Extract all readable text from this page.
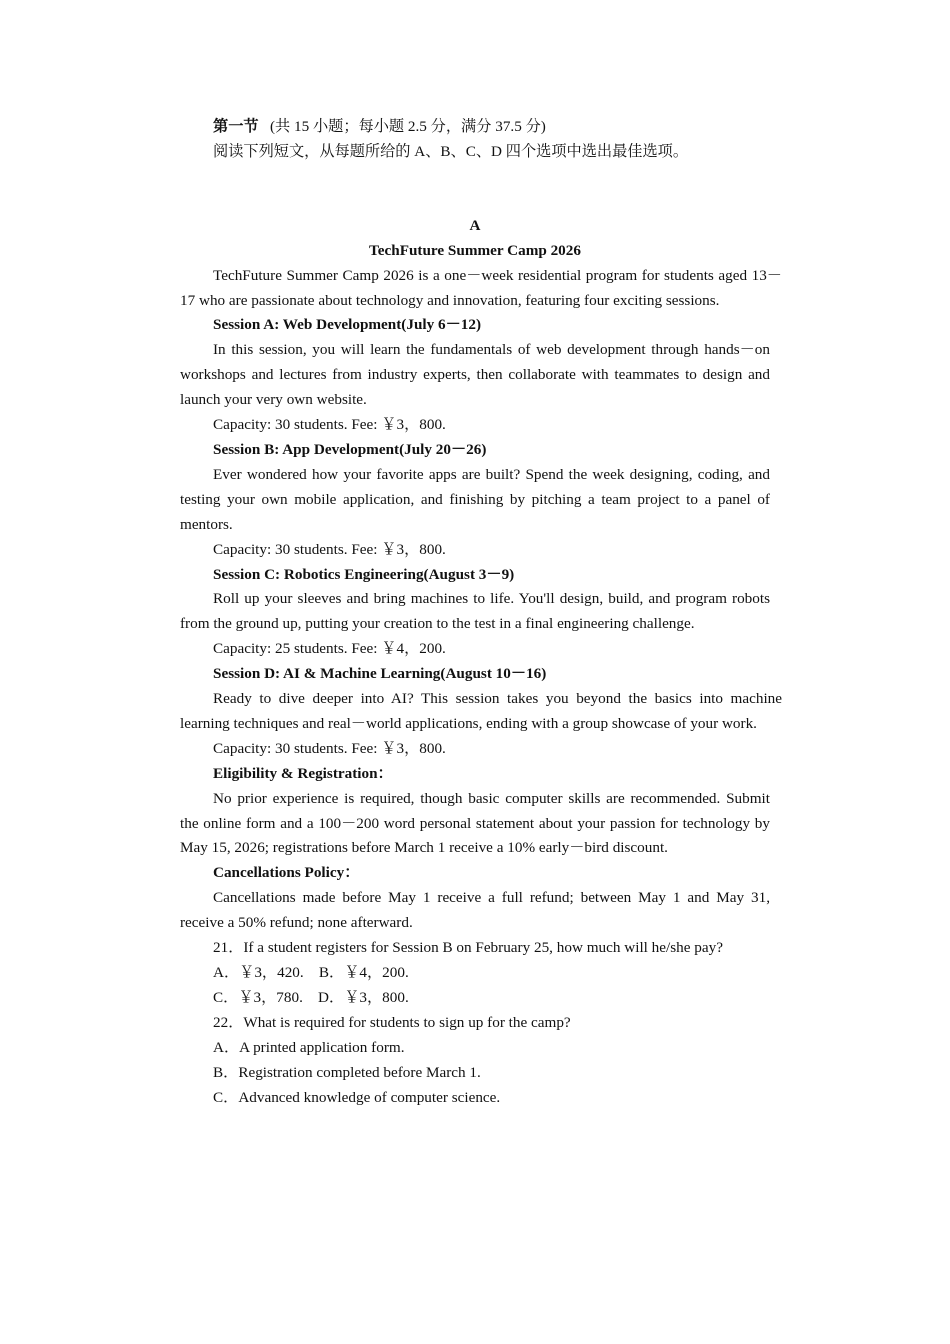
第一节 (共 15 小题；每小题 2.5 分，满分 37.5 分)

阅读下列短文，从每题所给的 A、B、C、D 四个选项中选出最佳选项。

A

TechFuture Summer Camp 2026

TechFuture Summer Camp 2026 is a one－week residential program for students aged 13－17 who are passionate about technology and innovation, featuring four exciting sessions.

Session A: Web Development(July 6－12)

In this session, you will learn the fundamentals of web development through hands－on workshops and lectures from industry experts, then collaborate with teammates to design and launch your very own website.

Capacity: 30 students. Fee: ￥3，800.

Session B: App Development(July 20－26)

Ever wondered how your favorite apps are built? Spend the week designing, coding, and testing your own mobile application, and finishing by pitching a team project to a panel of mentors.

Capacity: 30 students. Fee: ￥3，800.

Session C: Robotics Engineering(August 3－9)

Roll up your sleeves and bring machines to life. You'll design, build, and program robots from the ground up, putting your creation to the test in a final engineering challenge.

Capacity: 25 students. Fee: ￥4，200.

Session D: AI & Machine Learning(August 10－16)

Ready to dive deeper into AI? This session takes you beyond the basics into machine learning techniques and real－world applications, ending with a group showcase of your work.

Capacity: 30 students. Fee: ￥3，800.

Eligibility & Registration：

No prior experience is required, though basic computer skills are recommended. Submit the online form and a 100－200 word personal statement about your passion for technology by May 15, 2026; registrations before March 1 receive a 10% early－bird discount.

Cancellations Policy：

Cancellations made before May 1 receive a full refund; between May 1 and May 31, receive a 50% refund; none afterward.

21．If a student registers for Session B on February 25, how much will he/she pay?

A．￥3，420.    B．￥4，200.

C．￥3，780.    D．￥3，800.

22．What is required for students to sign up for the camp?

A．A printed application form.

B．Registration completed before March 1.

C．Advanced knowledge of computer science.
